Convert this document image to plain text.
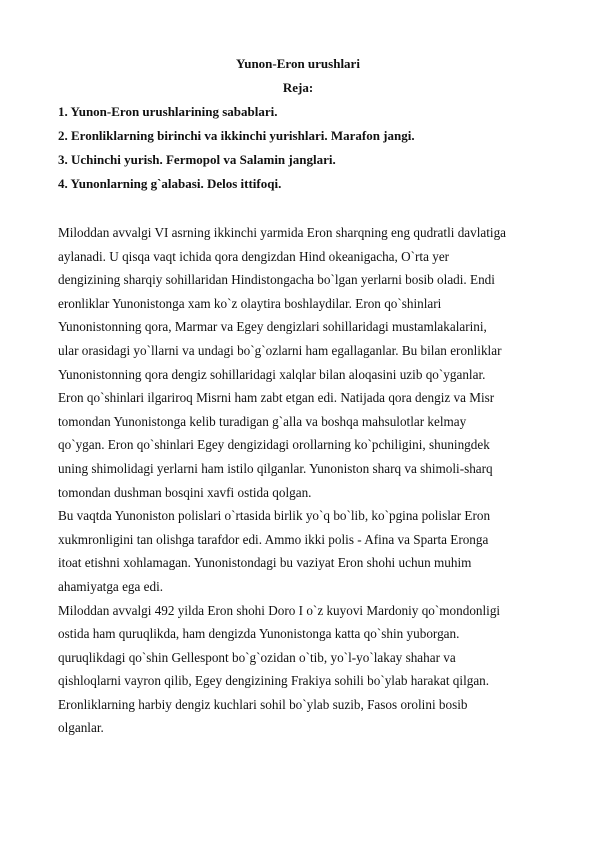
Yunon-Eron urushlari
Reja:
1. Yunon-Eron urushlarining sabablari.
2. Eronliklarning birinchi va ikkinchi yurishlari. Marafon jangi.
3. Uchinchi yurish. Fermopol va Salamin janglari.
4. Yunonlarning g`alabasi. Delos ittifoqi.
Miloddan avvalgi VI asrning ikkinchi yarmida Eron sharqning eng qudratli davlatiga
aylanadi. U qisqa vaqt ichida qora dengizdan Hind okeanigacha, O`rta yer
dengizining sharqiy sohillaridan Hindistongacha bo`lgan yerlarni bosib oladi. Endi
eronliklar Yunonistonga xam ko`z olaytira boshlaydilar. Eron qo`shinlari
Yunonistonning qora, Marmar va Egey dengizlari sohillaridagi mustamlakalarini,
ular orasidagi yo`llarni va undagi bo`g`ozlarni ham egallaganlar. Bu bilan eronliklar
Yunonistonning qora dengiz sohillaridagi xalqlar bilan aloqasini uzib qo`yganlar.
Eron qo`shinlari ilgariroq Misrni ham zabt etgan edi. Natijada qora dengiz va Misr
tomondan Yunonistonga kelib turadigan g`alla va boshqa mahsulotlar kelmay
qo`ygan. Eron qo`shinlari Egey dengizidagi orollarning ko`pchiligini, shuningdek
uning shimolidagi yerlarni ham istilo qilganlar. Yunoniston sharq va shimoli-sharq
tomondan dushman bosqini xavfi ostida qolgan.
Bu vaqtda Yunoniston polislari o`rtasida birlik yo`q bo`lib, ko`pgina polislar Eron
xukmronligini tan olishga tarafdor edi. Ammo ikki polis - Afina va Sparta Eronga
itoat etishni xohlamagan. Yunonistondagi bu vaziyat Eron shohi uchun muhim
ahamiyatga ega edi.
Miloddan avvalgi 492 yilda Eron shohi Doro I o`z kuyovi Mardoniy qo`mondonligi
ostida ham quruqlikda, ham dengizda Yunonistonga katta qo`shin yuborgan.
quruqlikdagi qo`shin Gellespont bo`g`ozidan o`tib, yo`l-yo`lakay shahar va
qishloqlarni vayron qilib, Egey dengizining Frakiya sohili bo`ylab harakat qilgan.
Eronliklarning harbiy dengiz kuchlari sohil bo`ylab suzib, Fasos orolini bosib
olganlar.
